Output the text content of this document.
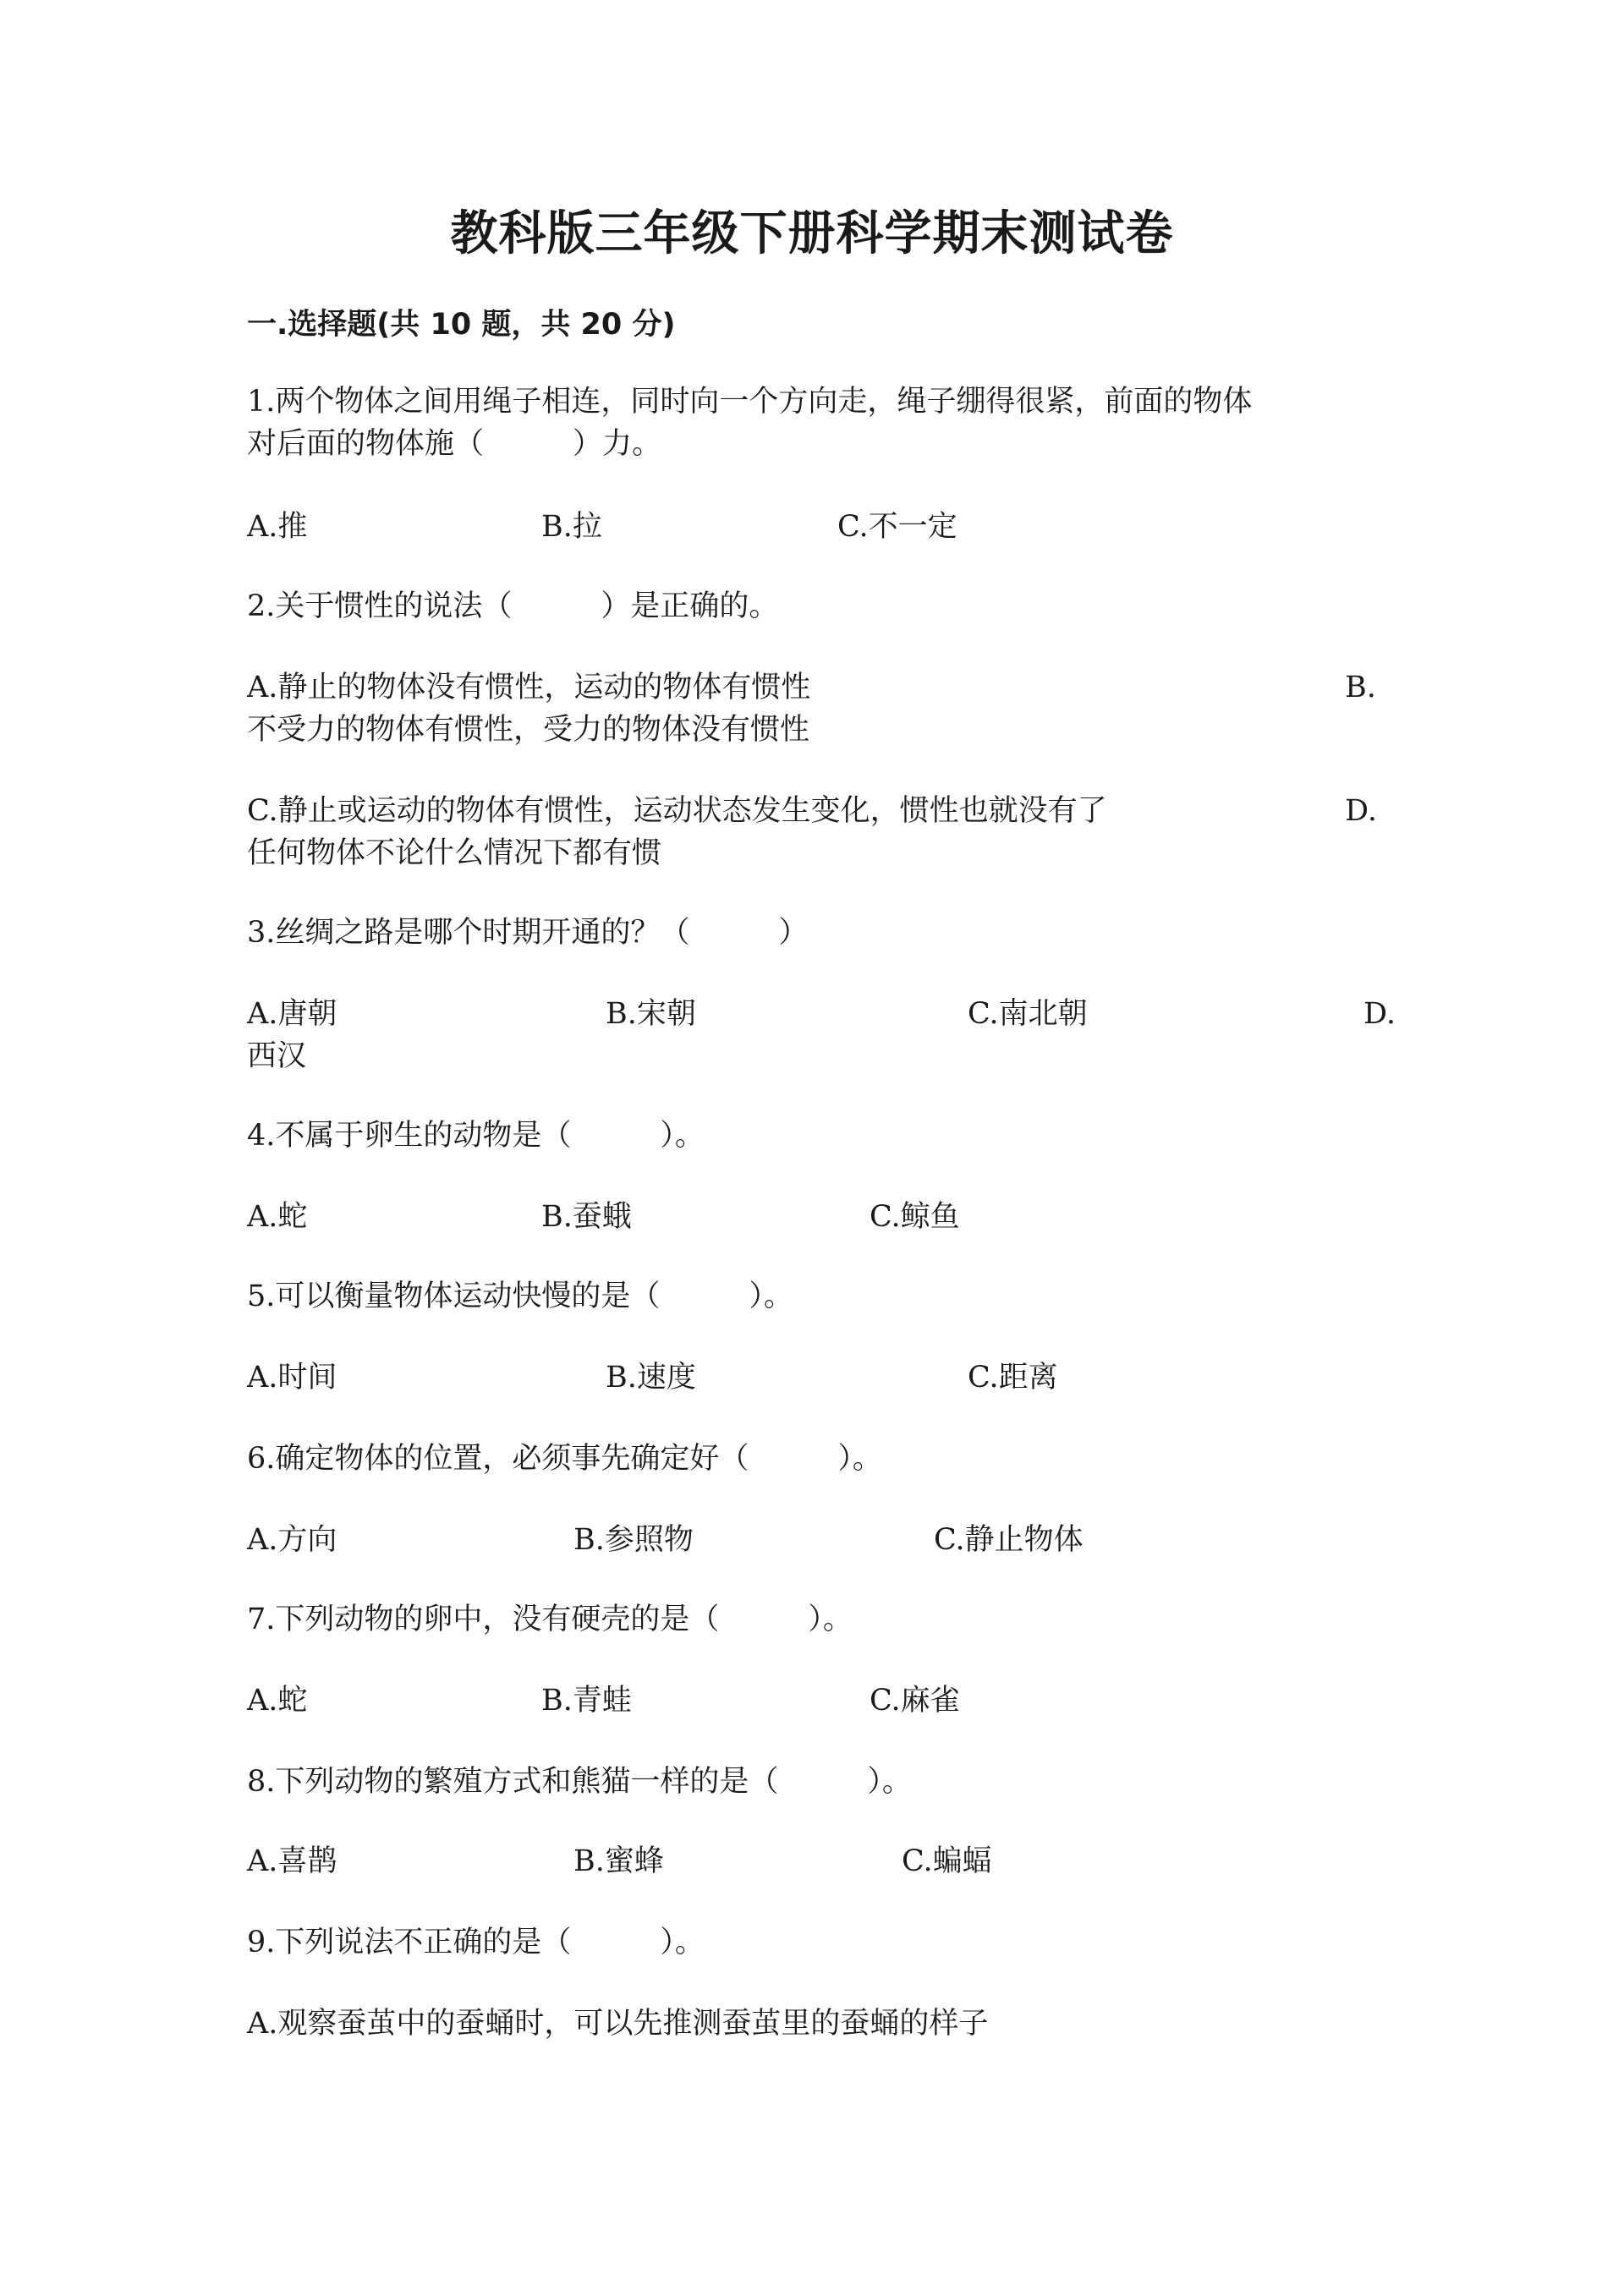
教科版三年级下册科学期末测试卷
一.选择题(共 10 题，共 20 分)
1.两个物体之间用绳子相连，同时向一个方向走，绳子绷得很紧，前面的物体
对后面的物体施（　　　）力。
A.推	B.拉	C.不一定
2.关于惯性的说法（　　　）是正确的。
A.静止的物体没有惯性，运动的物体有惯性	B.
不受力的物体有惯性，受力的物体没有惯性
C.静止或运动的物体有惯性，运动状态发生变化，惯性也就没有了	D.
任何物体不论什么情况下都有惯
3.丝绸之路是哪个时期开通的？（　　　）
A.唐朝	B.宋朝	C.南北朝	D.
西汉
4.不属于卵生的动物是（　　　）。
A.蛇	B.蚕蛾	C.鲸鱼
5.可以衡量物体运动快慢的是（　　　）。
A.时间	B.速度	C.距离
6.确定物体的位置，必须事先确定好（　　　）。
A.方向	B.参照物	C.静止物体
7.下列动物的卵中，没有硬壳的是（　　　）。
A.蛇	B.青蛙	C.麻雀
8.下列动物的繁殖方式和熊猫一样的是（　　　）。
A.喜鹊	B.蜜蜂	C.蝙蝠
9.下列说法不正确的是（　　　）。
A.观察蚕茧中的蚕蛹时，可以先推测蚕茧里的蚕蛹的样子
